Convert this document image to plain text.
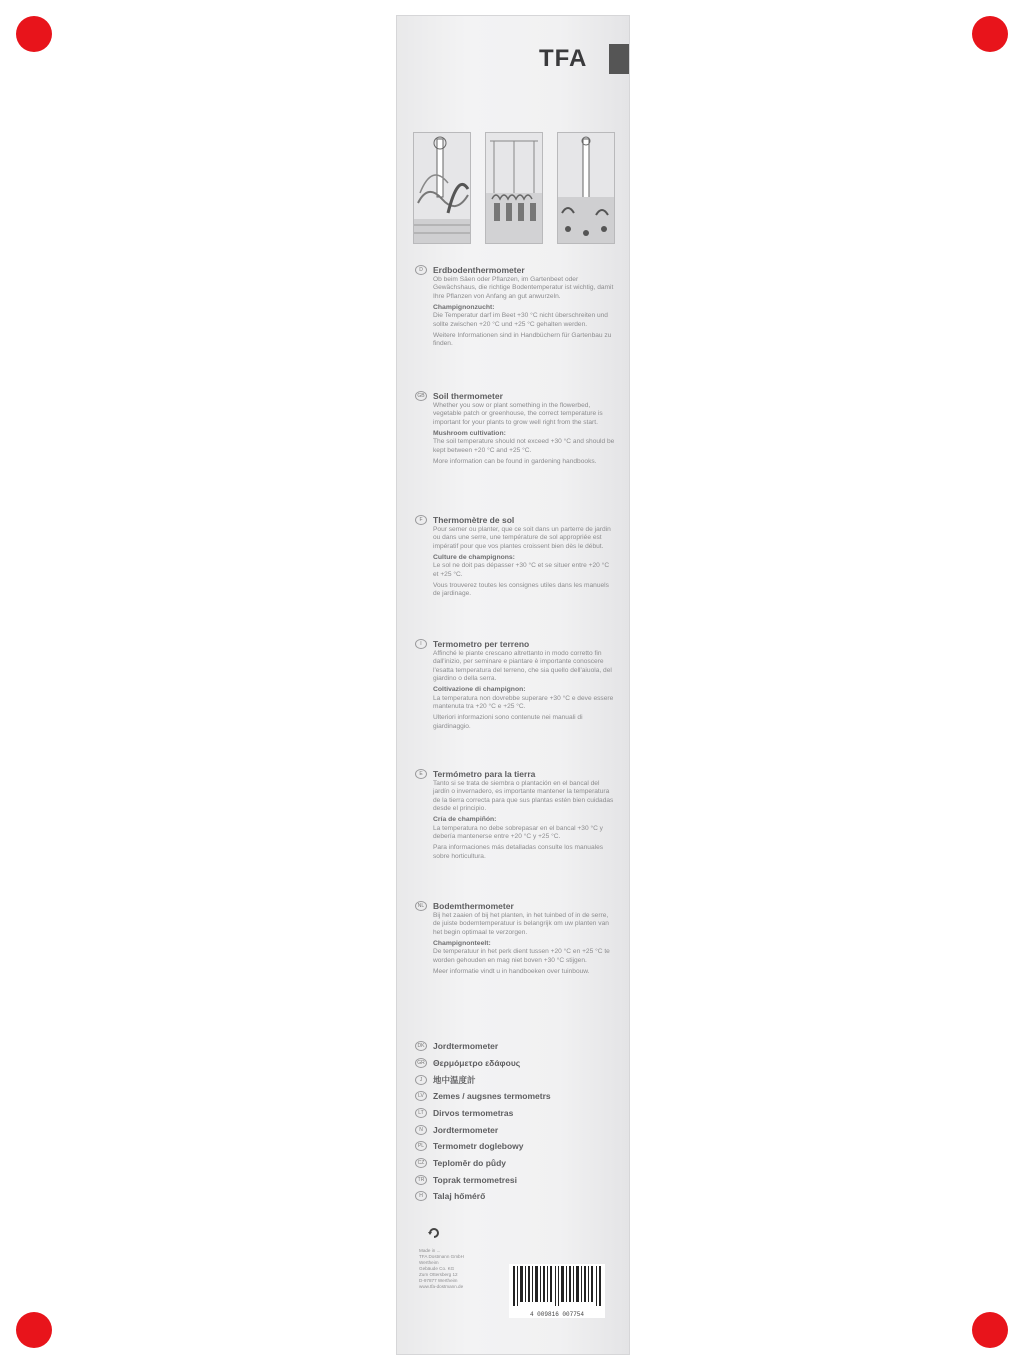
TFA
D	Erdbodenthermometer
Ob beim Säen oder Pflanzen, im Gartenbeet oder Gewächshaus, die richtige Bodentemperatur ist wichtig, damit Ihre Pflanzen von Anfang an gut anwurzeln.
Champignonzucht:
Die Temperatur darf im Beet +30 °C nicht überschreiten und sollte zwischen +20 °C und +25 °C gehalten werden.
Weitere Informationen sind in Handbüchern für Gartenbau zu finden.
GB Soil thermometer
Whether you sow or plant something in the flowerbed, vegetable patch or greenhouse, the correct temperature is important for your plants to grow well right from the start.
Mushroom cultivation:
The soil temperature should not exceed +30 °C and should be kept between +20 °C and +25 °C.
More information can be found in gardening handbooks.
F	Thermomètre de sol
Pour semer ou planter, que ce soit dans un parterre de jardin ou dans une serre, une température de sol appropriée est impératif pour que vos plantes croissent bien dès le début.
Culture de champignons:
Le sol ne doit pas dépasser +30 °C et se situer entre +20 °C et +25 °C.
Vous trouverez toutes les consignes utiles dans les manuels de jardinage.
I	Termometro per terreno
Affinché le piante crescano altrettanto in modo corretto fin dall'inizio, per seminare e piantare è importante conoscere l'esatta temperatura del terreno, che sia quello dell'aiuola, del giardino o della serra.
Coltivazione di champignon:
La temperatura non dovrebbe superare +30 °C e deve essere mantenuta tra +20 °C e +25 °C.
Ulteriori informazioni sono contenute nei manuali di giardinaggio.
E	Termómetro para la tierra
Tanto si se trata de siembra o plantación en el bancal del jardín o invernadero, es importante mantener la temperatura de la tierra correcta para que sus plantas estén bien cuidadas desde el principio.
Cría de champiñón:
La temperatura no debe sobrepasar en el bancal +30 °C y debería mantenerse entre +20 °C y +25 °C.
Para informaciones más detalladas consulte los manuales sobre horticultura.
NL	Bodemthermometer
Bij het zaaien of bij het planten, in het tuinbed of in de serre, de juiste bodemtemperatuur is belangrijk om uw planten van het begin optimaal te verzorgen.
Champignonteelt:
De temperatuur in het perk dient tussen +20 °C en +25 °C te worden gehouden en mag niet boven +30 °C stijgen.
Meer informatie vindt u in handboeken over tuinbouw.
DK Jordtermometer
GR Θερμόμετρο εδάφους
J	地中温度計
LV	Zemes / augsnes termometrs
LT	Dirvos termometras
N	Jordtermometer
PL	Termometr doglebowy
CZ	Teploměr do půdy
TR	Toprak termometresi
H	Talaj hőmérő
Made in ...
TFA Dostmann GmbH
Wertheim
Gebäude Co. KG
Zum Ottersberg 12
D-97877 Wertheim
www.tfa-dostmann.de
4 009816 007754
